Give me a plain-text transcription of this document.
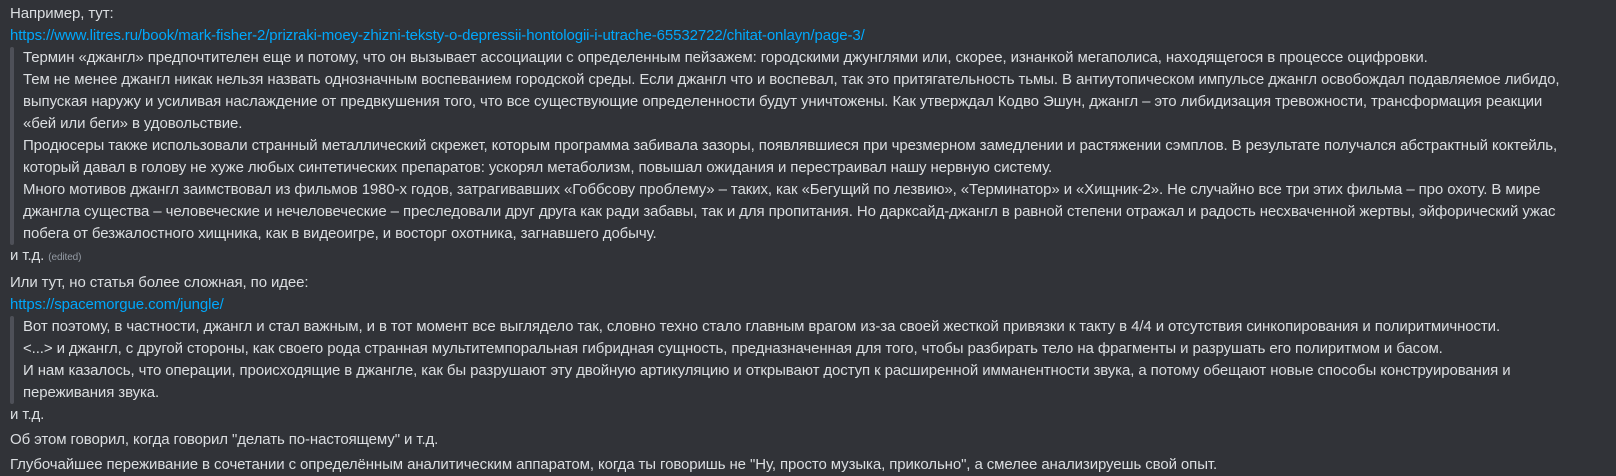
Например, тут:
https://www.litres.ru/book/mark-fisher-2/prizraki-moey-zhizni-teksty-o-depressii-hontologii-i-utrache-65532722/chitat-onlayn/page-3/
Термин «джангл» предпочтителен еще и потому, что он вызывает ассоциации с определенным пейзажем: городскими джунглями или, скорее, изнанкой мегаполиса, находящегося в процессе оцифровки.
Тем не менее джангл никак нельзя назвать однозначным воспеванием городской среды. Если джангл что и воспевал, так это притягательность тьмы. В антиутопическом импульсе джангл освобождал подавляемое либидо, выпуская наружу и усиливая наслаждение от предвкушения того, что все существующие определенности будут уничтожены. Как утверждал Кодво Эшун, джангл – это либидизация тревожности, трансформация реакции «бей или беги» в удовольствие.
Продюсеры также использовали странный металлический скрежет, которым программа забивала зазоры, появлявшиеся при чрезмерном замедлении и растяжении сэмплов. В результате получался абстрактный коктейль, который давал в голову не хуже любых синтетических препаратов: ускорял метаболизм, повышал ожидания и перестраивал нашу нервную систему.
Много мотивов джангл заимствовал из фильмов 1980-х годов, затрагивавших «Гоббсову проблему» – таких, как «Бегущий по лезвию», «Терминатор» и «Хищник-2». Не случайно все три этих фильма – про охоту. В мире джангла существа – человеческие и нечеловеческие – преследовали друг друга как ради забавы, так и для пропитания. Но дарксайд-джангл в равной степени отражал и радость несхваченной жертвы, эйфорический ужас побега от безжалостного хищника, как в видеоигре, и восторг охотника, загнавшего добычу.
и т.д. (edited)
Или тут, но статья более сложная, по идее:
https://spacemorgue.com/jungle/
Вот поэтому, в частности, джангл и стал важным, и в тот момент все выглядело так, словно техно стало главным врагом из-за своей жесткой привязки к такту в 4/4 и отсутствия синкопирования и полиритмичности.
<...> и джангл, с другой стороны, как своего рода странная мультитемпоральная гибридная сущность, предназначенная для того, чтобы разбирать тело на фрагменты и разрушать его полиритмом и басом.
И нам казалось, что операции, происходящие в джангле, как бы разрушают эту двойную артикуляцию и открывают доступ к расширенной имманентности звука, а потому обещают новые способы конструирования и переживания звука.
и т.д.
Об этом говорил, когда говорил "делать по-настоящему" и т.д.
Глубочайшее переживание в сочетании с определённым аналитическим аппаратом, когда ты говоришь не "Ну, просто музыка, прикольно", а смелее анализируешь свой опыт.
